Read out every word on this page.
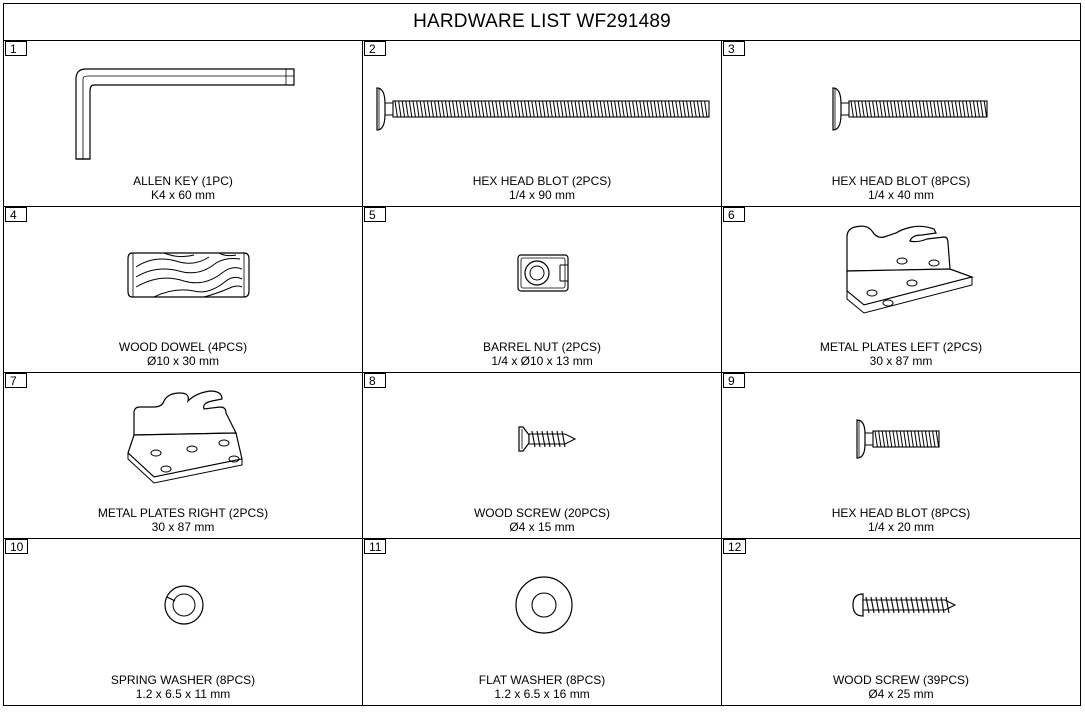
HARDWARE LIST WF291489
1
ALLEN KEY (1PC)
K4 x 60 mm
2
HEX HEAD BLOT (2PCS)
1/4 x 90 mm
3
HEX HEAD BLOT (8PCS)
1/4 x 40 mm
4
WOOD DOWEL (4PCS)
Ø10 x 30 mm
5
BARREL NUT (2PCS)
1/4 x Ø10 x 13 mm
6
METAL PLATES LEFT (2PCS)
30 x 87 mm
7
METAL PLATES RIGHT (2PCS)
30 x 87 mm
8
WOOD SCREW (20PCS)
Ø4 x 15 mm
9
HEX HEAD BLOT (8PCS)
1/4 x 20 mm
10
SPRING WASHER (8PCS)
1.2 x 6.5 x 11 mm
11
FLAT WASHER (8PCS)
1.2 x 6.5 x 16 mm
12
WOOD SCREW (39PCS)
Ø4 x 25 mm
